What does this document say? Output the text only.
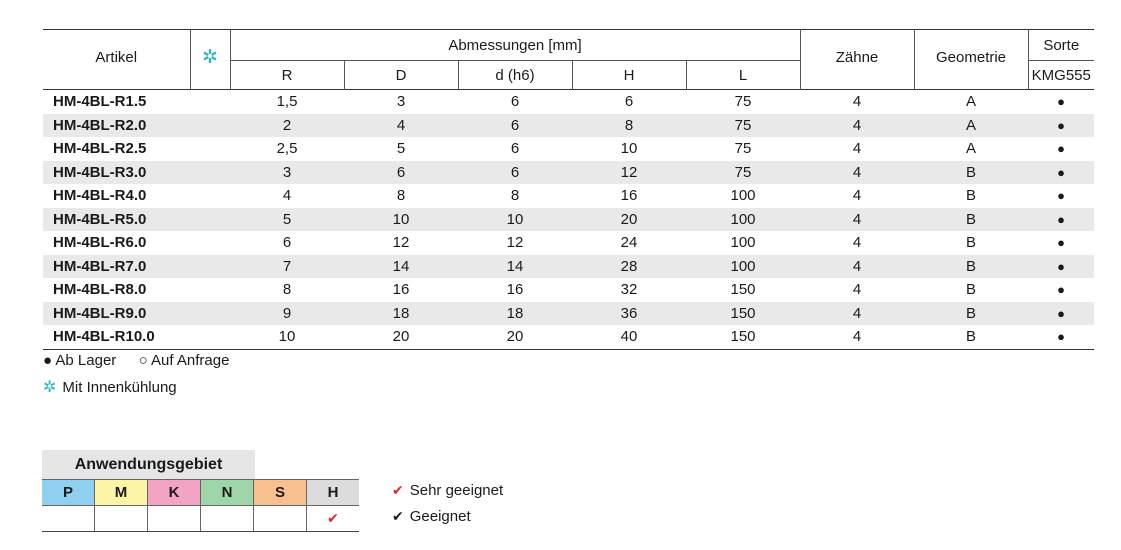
Artikel	✲	Abmessungen [mm]					Zähne	Geometrie	Sorte
		R	D	d (h6)	H	L			KMG555
HM-4BL-R1.5		1,5	3	6	6	75	4	A	●
HM-4BL-R2.0		2	4	6	8	75	4	A	●
HM-4BL-R2.5		2,5	5	6	10	75	4	A	●
HM-4BL-R3.0		3	6	6	12	75	4	B	●
HM-4BL-R4.0		4	8	8	16	100	4	B	●
HM-4BL-R5.0		5	10	10	20	100	4	B	●
HM-4BL-R6.0		6	12	12	24	100	4	B	●
HM-4BL-R7.0		7	14	14	28	100	4	B	●
HM-4BL-R8.0		8	16	16	32	150	4	B	●
HM-4BL-R9.0		9	18	18	36	150	4	B	●
HM-4BL-R10.0		10	20	20	40	150	4	B	●
● Ab Lager ○ Auf Anfrage
✲ Mit Innenkühlung
Anwendungsgebiet
P	M	K	N	S	H
					✔
✔ Sehr geeignet
✔ Geeignet
